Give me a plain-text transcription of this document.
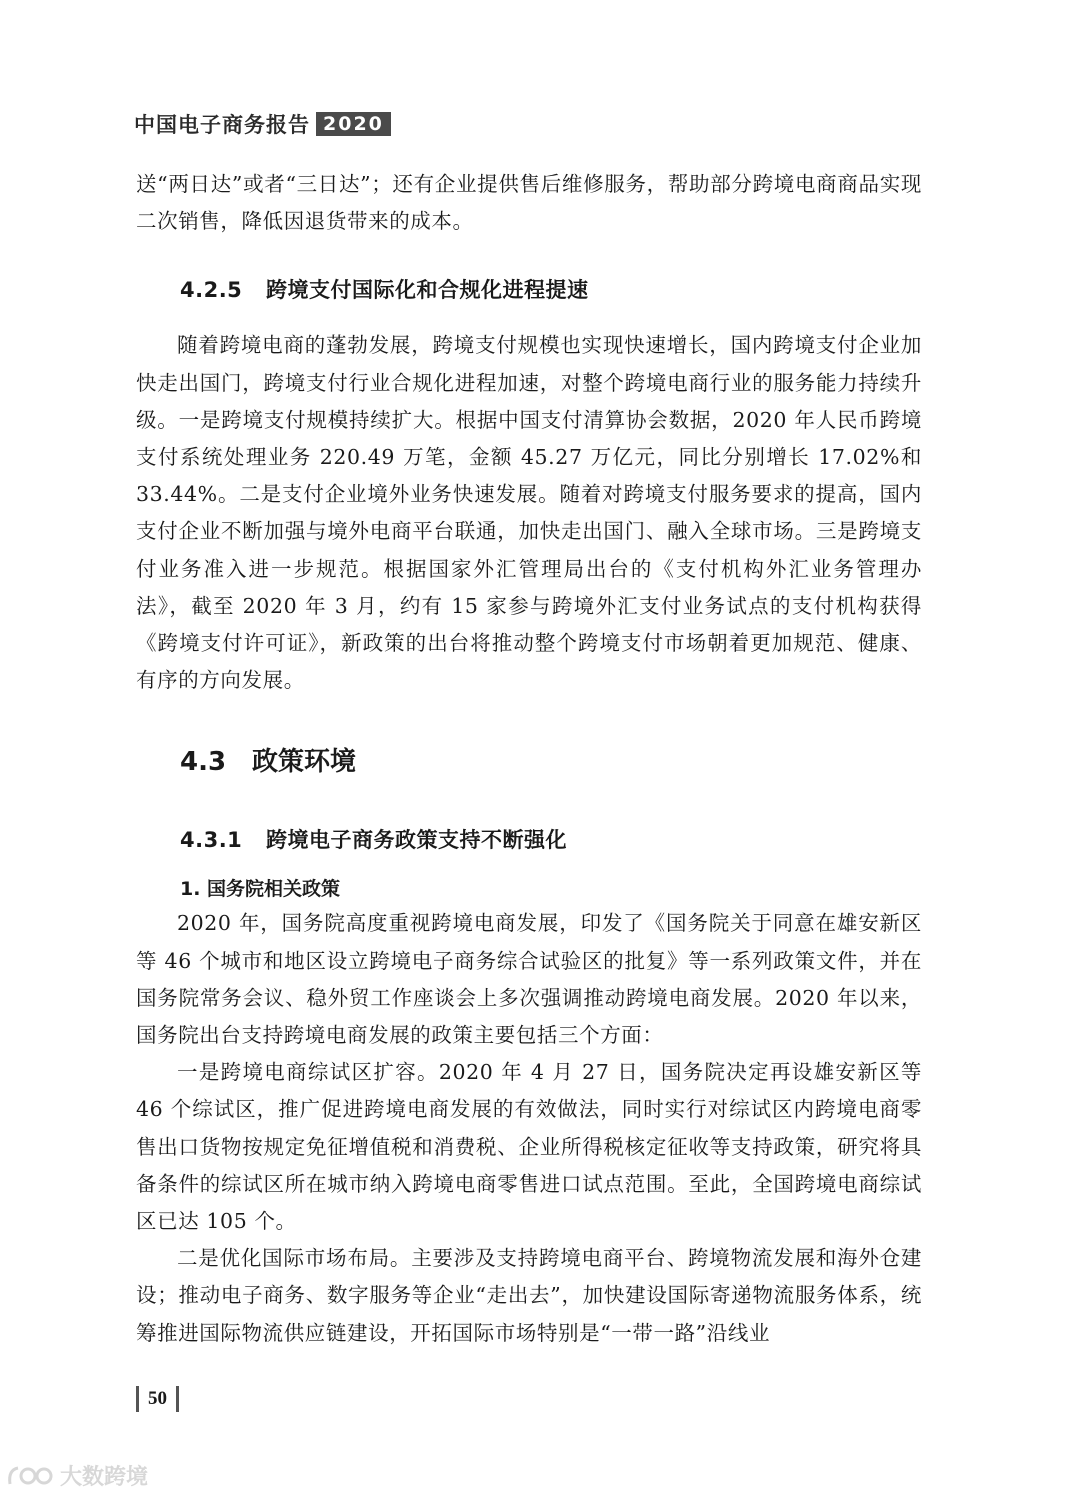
中国电子商务报告 2020

送“两日达”或者“三日达”；还有企业提供售后维修服务，帮助部分跨境电商商品实现二次销售，降低因退货带来的成本。

4.2.5 跨境支付国际化和合规化进程提速

随着跨境电商的蓬勃发展，跨境支付规模也实现快速增长，国内跨境支付企业加快走出国门，跨境支付行业合规化进程加速，对整个跨境电商行业的服务能力持续升级。一是跨境支付规模持续扩大。根据中国支付清算协会数据，2020 年人民币跨境支付系统处理业务 220.49 万笔，金额 45.27 万亿元，同比分别增长 17.02%和 33.44%。二是支付企业境外业务快速发展。随着对跨境支付服务要求的提高，国内支付企业不断加强与境外电商平台联通，加快走出国门、融入全球市场。三是跨境支付业务准入进一步规范。根据国家外汇管理局出台的《支付机构外汇业务管理办法》，截至 2020 年 3 月，约有 15 家参与跨境外汇支付业务试点的支付机构获得《跨境支付许可证》，新政策的出台将推动整个跨境支付市场朝着更加规范、健康、有序的方向发展。

4.3 政策环境
4.3.1 跨境电子商务政策支持不断强化
1. 国务院相关政策

2020 年，国务院高度重视跨境电商发展，印发了《国务院关于同意在雄安新区等 46 个城市和地区设立跨境电子商务综合试验区的批复》等一系列政策文件，并在国务院常务会议、稳外贸工作座谈会上多次强调推动跨境电商发展。2020 年以来，国务院出台支持跨境电商发展的政策主要包括三个方面：

一是跨境电商综试区扩容。2020 年 4 月 27 日，国务院决定再设雄安新区等 46 个综试区，推广促进跨境电商发展的有效做法，同时实行对综试区内跨境电商零售出口货物按规定免征增值税和消费税、企业所得税核定征收等支持政策，研究将具备条件的综试区所在城市纳入跨境电商零售进口试点范围。至此，全国跨境电商综试区已达 105 个。

二是优化国际市场布局。主要涉及支持跨境电商平台、跨境物流发展和海外仓建设；推动电子商务、数字服务等企业“走出去”，加快建设国际寄递物流服务体系，统筹推进国际物流供应链建设，开拓国际市场特别是“一带一路”沿线业

50
大数跨境
